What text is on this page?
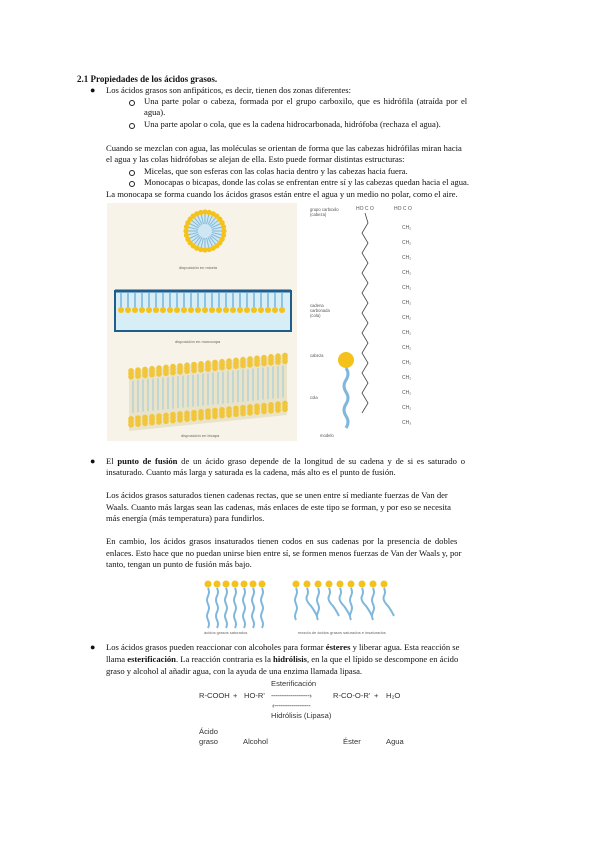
2.1 Propiedades de los ácidos grasos.
● Los ácidos grasos son anfipáticos, es decir, tienen dos zonas diferentes:
Una parte polar o cabeza, formada por el grupo carboxilo, que es hidrófila (atraída por el
agua).
Una parte apolar o cola, que es la cadena hidrocarbonada, hidrófoba (rechaza el agua).
Cuando se mezclan con agua, las moléculas se orientan de forma que las cabezas hidrófilas miran hacia
el agua y las colas hidrófobas se alejan de ella. Esto puede formar distintas estructuras:
Micelas, que son esferas con las colas hacia dentro y las cabezas hacia fuera.
Monocapas o bicapas, donde las colas se enfrentan entre sí y las cabezas quedan hacia el agua.
La monocapa se forma cuando los ácidos grasos están entre el agua y un medio no polar, como el aire.
disposición en micela
disposición en monocapa
disposición en bicapa
grupo carboxilo (cabeza)
cadena carbonada (cola)
cabeza
cola
modelo
HO C O	HO C O
CH₂
CH₂
CH₂
CH₂
CH₂
CH₂
CH₂
CH₂
CH₂
CH₂
CH₂
CH₂
CH₂
CH₃
● El punto de fusión de un ácido graso depende de la longitud de su cadena y de si es saturado o
insaturado. Cuanto más larga y saturada es la cadena, más alto es el punto de fusión.
Los ácidos grasos saturados tienen cadenas rectas, que se unen entre sí mediante fuerzas de Van der
Waals. Cuanto más largas sean las cadenas, más enlaces de este tipo se forman, y por eso se necesita
más energía (más temperatura) para fundirlos.
En cambio, los ácidos grasos insaturados tienen codos en sus cadenas por la presencia de dobles
enlaces. Esto hace que no puedan unirse bien entre sí, se formen menos fuerzas de Van der Waals y, por
tanto, tengan un punto de fusión más bajo.
ácidos grasos saturados	mezcla de ácidos grasos saturados e insaturados
● Los ácidos grasos pueden reaccionar con alcoholes para formar ésteres y liberar agua. Esta reacción se
llama esterificación. La reacción contraria es la hidrólisis, en la que el lípido se descompone en ácido
graso y alcohol al añadir agua, con la ayuda de una enzima llamada lipasa.
Esterificación
R-COOH + HO-R' ------------------›	R-CO-O-R' + H₂O
‹-----------------
Hidrólisis (Lipasa)
Ácido
graso	Alcohol	Éster	Agua
